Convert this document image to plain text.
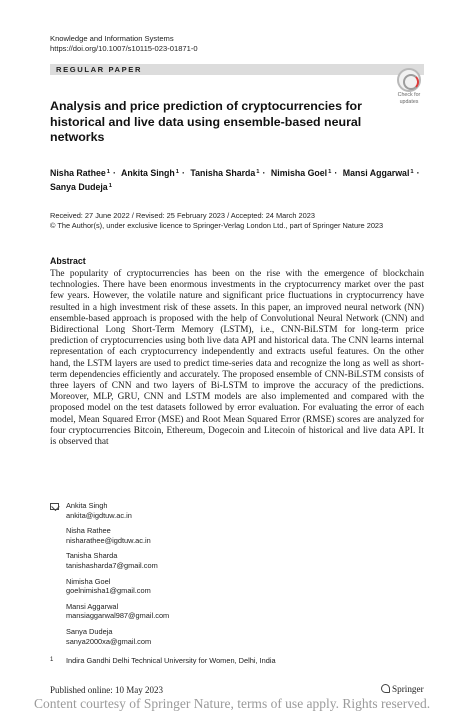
Knowledge and Information Systems
https://doi.org/10.1007/s10115-023-01871-0
REGULAR PAPER
Check for
updates
Analysis and price prediction of cryptocurrencies for historical and live data using ensemble-based neural networks
Nisha Rathee$^1$ · Ankita Singh$^1$ · Tanisha Sharda$^1$ · Nimisha Goel$^1$ · Mansi Aggarwal$^1$ ·
Sanya Dudeja$^1$
Received: 27 June 2022 / Revised: 25 February 2023 / Accepted: 24 March 2023
© The Author(s), under exclusive licence to Springer-Verlag London Ltd., part of Springer Nature 2023
Abstract

The popularity of cryptocurrencies has been on the rise with the emergence of blockchain technologies. There have been enormous investments in the cryptocurrency market over the past few years. However, the volatile nature and significant price fluctuations in cryptocurrency have resulted in a high investment risk of these assets. In this paper, an improved neural network (NN) ensemble-based approach is proposed with the help of Convolutional Neural Network (CNN) and Bidirectional Long Short-Term Memory (LSTM), i.e., CNN-BiLSTM for long-term price prediction of cryptocurrencies using both live data API and historical data. The CNN learns internal representation of each cryptocurrency independently and extracts useful features. On the other hand, the LSTM layers are used to predict time-series data and recognize the long as well as short-term dependencies efficiently and accurately. The proposed ensemble of CNN-BiLSTM consists of three layers of CNN and two layers of Bi-LSTM to improve the accuracy of the predictions. Moreover, MLP, GRU, CNN and LSTM models are also implemented and compared with the proposed model on the test datasets followed by error evaluation. For evaluating the error of each model, Mean Squared Error (MSE) and Root Mean Squared Error (RMSE) scores are analyzed for four cryptocurrencies Bitcoin, Ethereum, Dogecoin and Litecoin of historical and live data API. It is observed that

Ankita Singh
ankita@igdtuw.ac.in
Nisha Rathee
nisharathee@igdtuw.ac.in
Tanisha Sharda
tanishasharda7@gmail.com
Nimisha Goel
goelnimisha1@gmail.com
Mansi Aggarwal
mansiaggarwal987@gmail.com
Sanya Dudeja
sanya2000xa@gmail.com
1 Indira Gandhi Delhi Technical University for Women, Delhi, India
Published online: 10 May 2023	Springer
Content courtesy of Springer Nature, terms of use apply. Rights reserved.
